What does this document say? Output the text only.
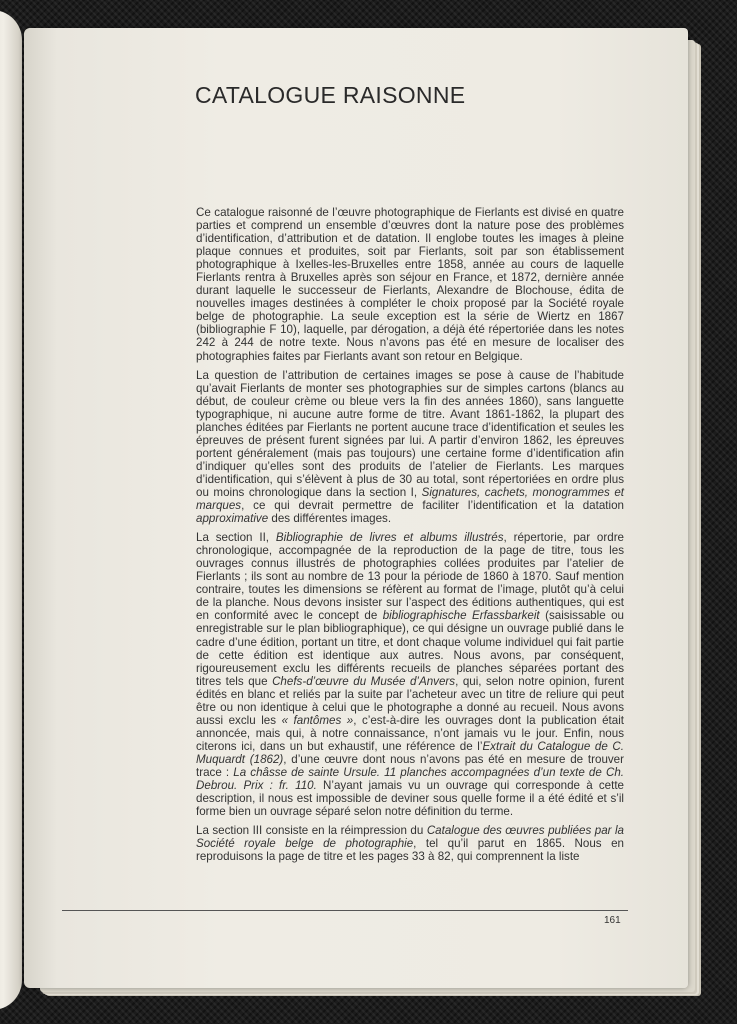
CATALOGUE RAISONNE

Ce catalogue raisonné de l’œuvre photographique de Fierlants est divisé en quatre parties et comprend un ensemble d’œuvres dont la nature pose des problèmes d’identification, d’attribution et de datation. Il englobe toutes les images à pleine plaque connues et produites, soit par Fierlants, soit par son établissement photographique à Ixelles-les-Bruxelles entre 1858, année au cours de laquelle Fierlants rentra à Bruxelles après son séjour en France, et 1872, dernière année durant laquelle le successeur de Fierlants, Alexandre de Blochouse, édita de nouvelles images destinées à compléter le choix proposé par la Société royale belge de photographie. La seule exception est la série de Wiertz en 1867 (bibliographie F 10), laquelle, par dérogation, a déjà été répertoriée dans les notes 242 à 244 de notre texte. Nous n’avons pas été en mesure de localiser des photographies faites par Fierlants avant son retour en Belgique.

La question de l’attribution de certaines images se pose à cause de l’habitude qu’avait Fierlants de monter ses photographies sur de simples cartons (blancs au début, de couleur crème ou bleue vers la fin des années 1860), sans languette typographique, ni aucune autre forme de titre. Avant 1861-1862, la plupart des planches éditées par Fierlants ne portent aucune trace d’identification et seules les épreuves de présent furent signées par lui. A partir d’environ 1862, les épreuves portent généralement (mais pas toujours) une certaine forme d’identification afin d’indiquer qu’elles sont des produits de l’atelier de Fierlants. Les marques d’identification, qui s’élèvent à plus de 30 au total, sont répertoriées en ordre plus ou moins chronologique dans la section I, Signatures, cachets, monogrammes et marques, ce qui devrait permettre de faciliter l’identification et la datation approximative des différentes images.

La section II, Bibliographie de livres et albums illustrés, répertorie, par ordre chronologique, accompagnée de la reproduction de la page de titre, tous les ouvrages connus illustrés de photographies collées produites par l’atelier de Fierlants ; ils sont au nombre de 13 pour la période de 1860 à 1870. Sauf mention contraire, toutes les dimensions se réfèrent au format de l’image, plutôt qu’à celui de la planche. Nous devons insister sur l’aspect des éditions authentiques, qui est en conformité avec le concept de bibliographische Erfassbarkeit (saisissable ou enregistrable sur le plan bibliographique), ce qui désigne un ouvrage publié dans le cadre d’une édition, portant un titre, et dont chaque volume individuel qui fait partie de cette édition est identique aux autres. Nous avons, par conséquent, rigoureusement exclu les différents recueils de planches séparées portant des titres tels que Chefs-d’œuvre du Musée d’Anvers, qui, selon notre opinion, furent édités en blanc et reliés par la suite par l’acheteur avec un titre de reliure qui peut être ou non identique à celui que le photographe a donné au recueil. Nous avons aussi exclu les « fantômes », c’est-à-dire les ouvrages dont la publication était annoncée, mais qui, à notre connaissance, n’ont jamais vu le jour. Enfin, nous citerons ici, dans un but exhaustif, une référence de l’Extrait du Catalogue de C. Muquardt (1862), d’une œuvre dont nous n’avons pas été en mesure de trouver trace : La châsse de sainte Ursule. 11 planches accompagnées d’un texte de Ch. Debrou. Prix : fr. 110. N’ayant jamais vu un ouvrage qui corresponde à cette description, il nous est impossible de deviner sous quelle forme il a été édité et s’il forme bien un ouvrage séparé selon notre définition du terme.

La section III consiste en la réimpression du Catalogue des œuvres publiées par la Société royale belge de photographie, tel qu’il parut en 1865. Nous en reproduisons la page de titre et les pages 33 à 82, qui comprennent la liste

161
